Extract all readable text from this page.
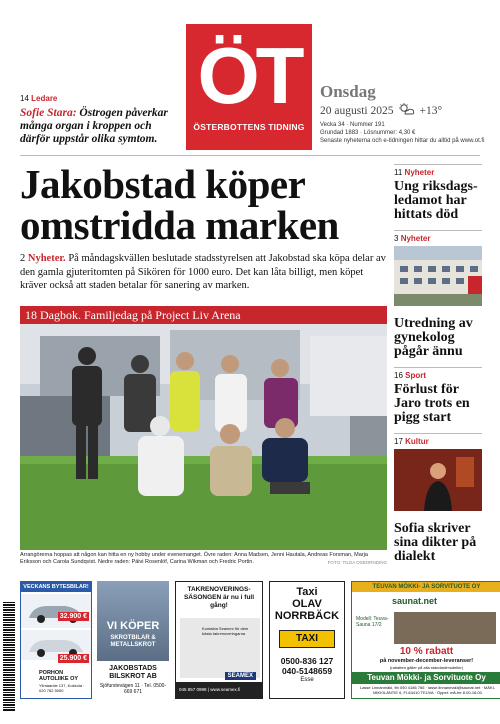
14 Ledare
Sofie Stara: Östrogen påverkar många organ i kroppen och därför uppstår olika symtom.
ÖT
ÖSTERBOTTENS TIDNING
Onsdag
20 augusti 2025 +13°
Vecka 34 · Nummer 191
Grundad 1883 · Lösnummer: 4,30 €
Senaste nyheterna och e-tidningen hittar du alltid på www.ot.fi
Jakobstad köper omstridda marken

2 Nyheter. På måndagskvällen beslutade stadsstyrelsen att Jakobstad ska köpa delar av den gamla gjuteritomten på Sikören för 1000 euro. Det kan låta billigt, men köpet kräver också att staden betalar för sanering av marken.

18 Dagbok. Familjedag på Project Liv Arena
Arrangörerna hoppas att någon kan hitta en ny hobby under evenemanget. Övre raden: Anna Madsen, Jenni Hautala, Andreas Forsman, Marja Eriksson och Carola Sundqvist. Nedre raden: Päivi Rosenlöf, Carina Wikman och Fredric Portin.	FOTO: TILDA OSBORNDING
11 Nyheter
Ung riksdagsledamot har hittats död
3 Nyheter
Utredning av gynekolog pågår ännu
16 Sport
Förlust för Jaro trots en pigg start
17 Kultur
Sofia skriver sina dikter på dialekt
VECKANS BYTESBILAR!
32.900 €
25.900 €
PORHON AUTOLIIKE OY
Ylimaantie 137, Kokkola · 020 762 5050
VI KÖPER
SKROTBILAR & METALLSKROT
JAKOBSTADS BILSKROT AB
Sjöfurstevägen 11 · Tel. 0500-669 671
TAKRENOVERINGSSÄSONGEN är nu i full gång!
Kontakta Seamex för dem bästa takrenoveringarna
SEAMEX
045 857 0998 | www.seamex.fi
Taxi
OLAV
NORRBÄCK
TAXI
0500-836 127
040-5148659
Esse
TEUVAN MÖKKI- JA SORVITUOTE OY
saunat.net
Modell: Teuva-Sauna 17/2
10 % rabatt
på november-december-leveranser!
(rabatten gäller på alla standardmodeller)
Teuvan Mökki- ja Sorvituote Oy
Lasse Linnanmäki, tfn 050 4186 766 · lasse.linnanmaki@saunat.net · MÄKI-MIKKILÄNTIE 6, FI-64410 TEUVA · Öppet: må-fre 8.00-16.00
